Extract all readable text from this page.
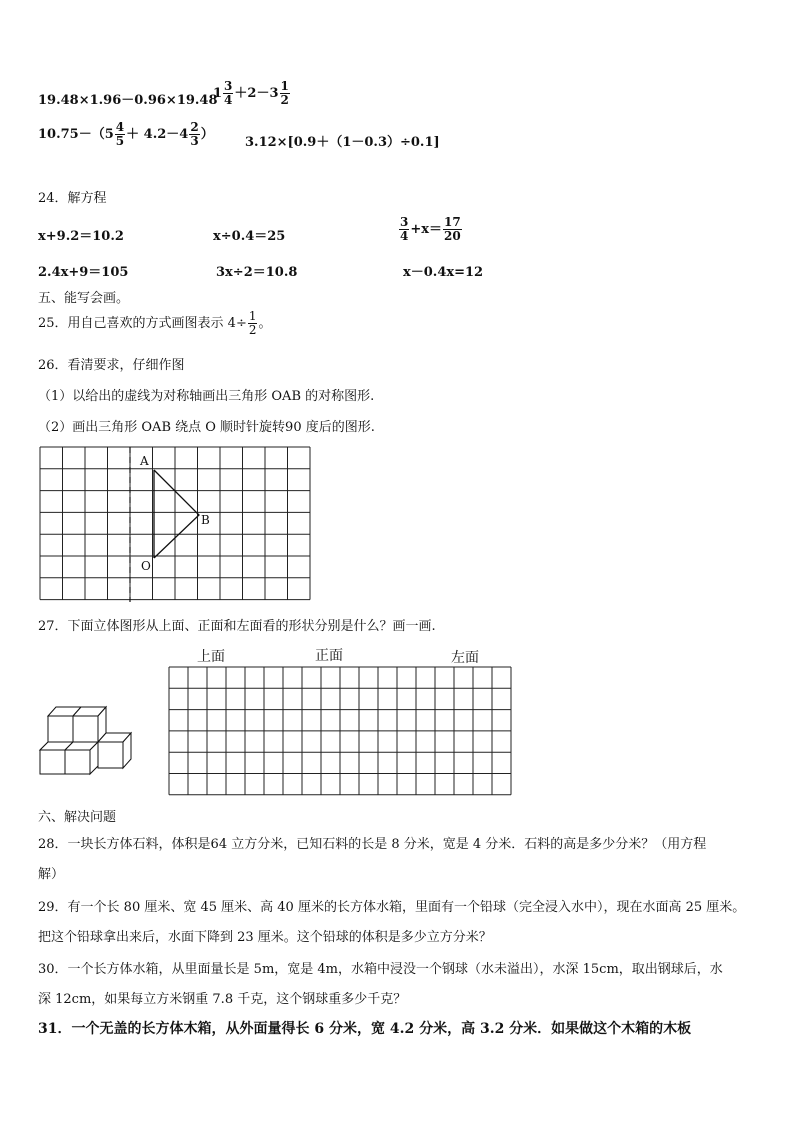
19.48×1.96－0.96×19.48
$1 \frac{3}{4} +2-3 \frac{1}{2}$
$10.75-(5 \frac{4}{5} + 4.2-4 \frac{2}{3}$ ）
3.12×[0.9＋（1－0.3）÷0.1]
24．解方程
x+9.2＝10.2	x÷0.4＝25	$\frac{3}{4} +x= \frac{17}{20}$
2.4x+9＝105	3x÷2＝10.8	x－0.4x=12
五、能写会画。
25．用自己喜欢的方式画图表示 $4\div \frac{1}{2}$ 。
26．看清要求，仔细作图
（1）以给出的虚线为对称轴画出三角形 OAB 的对称图形.
（2）画出三角形 OAB 绕点 O 顺时针旋转90 度后的图形.
A
B
O
27．下面立体图形从上面、正面和左面看的形状分别是什么？画一画.
上面	正面	左面
六、解决问题
28．一块长方体石料，体积是64 立方分米，已知石料的长是 8 分米，宽是 4 分米．石料的高是多少分米？（用方程
解）
29．有一个长 80 厘米、宽 45 厘米、高 40 厘米的长方体水箱，里面有一个铅球（完全浸入水中），现在水面高 25 厘米。
把这个铅球拿出来后，水面下降到 23 厘米。这个铅球的体积是多少立方分米？
30．一个长方体水箱，从里面量长是 5m，宽是 4m，水箱中浸没一个钢球（水未溢出），水深 15cm，取出钢球后，水
深 12cm，如果每立方米钢重 7.8 千克，这个钢球重多少千克？
31．一个无盖的长方体木箱，从外面量得长 6 分米，宽 4.2 分米，高 3.2 分米．如果做这个木箱的木板
